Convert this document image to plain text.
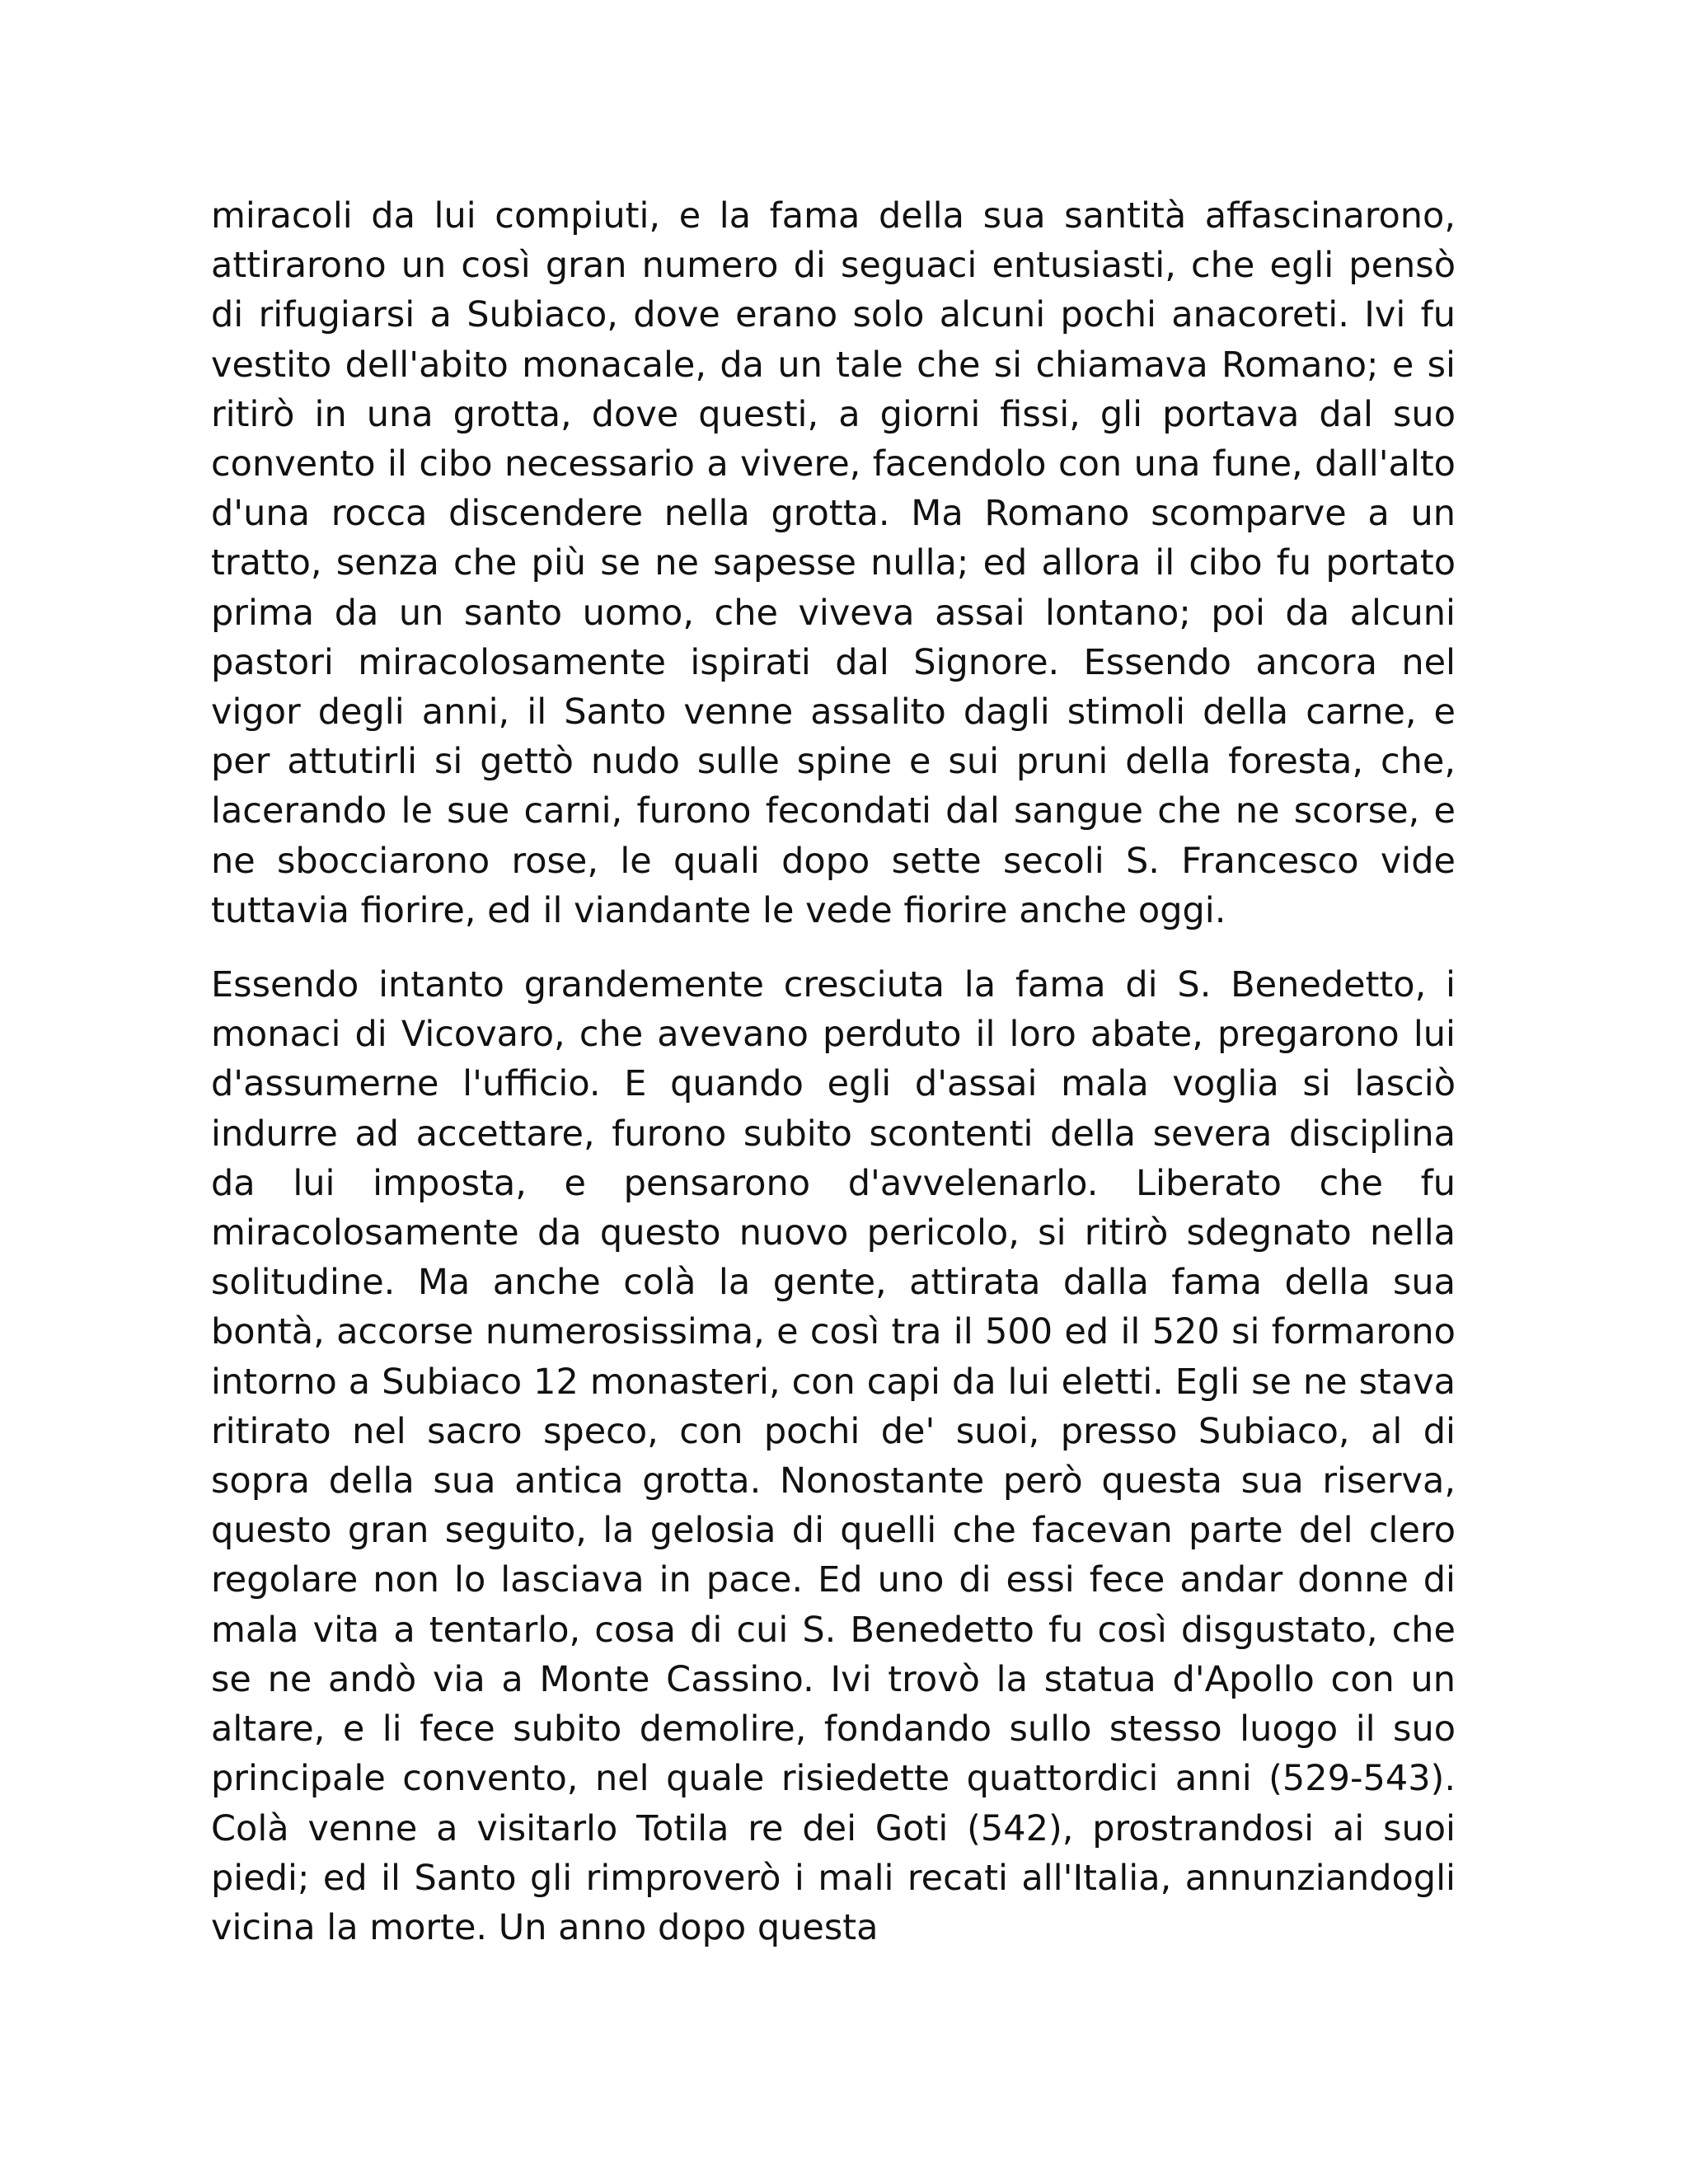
miracoli da lui compiuti, e la fama della sua santità affascinarono, attirarono un così gran numero di seguaci entusiasti, che egli pensò di rifugiarsi a Subiaco, dove erano solo alcuni pochi anacoreti. Ivi fu vestito dell'abito monacale, da un tale che si chiamava Romano; e si ritirò in una grotta, dove questi, a giorni fissi, gli portava dal suo convento il cibo necessario a vivere, facendolo con una fune, dall'alto d'una rocca discendere nella grotta. Ma Romano scomparve a un tratto, senza che più se ne sapesse nulla; ed allora il cibo fu portato prima da un santo uomo, che viveva assai lontano; poi da alcuni pastori miracolosamente ispirati dal Signore. Essendo ancora nel vigor degli anni, il Santo venne assalito dagli stimoli della carne, e per attutirli si gettò nudo sulle spine e sui pruni della foresta, che, lacerando le sue carni, furono fecondati dal sangue che ne scorse, e ne sbocciarono rose, le quali dopo sette secoli S. Francesco vide tuttavia fiorire, ed il viandante le vede fiorire anche oggi.

Essendo intanto grandemente cresciuta la fama di S. Benedetto, i monaci di Vicovaro, che avevano perduto il loro abate, pregarono lui d'assumerne l'ufficio. E quando egli d'assai mala voglia si lasciò indurre ad accettare, furono subito scontenti della severa disciplina da lui imposta, e pensarono d'avvelenarlo. Liberato che fu miracolosamente da questo nuovo pericolo, si ritirò sdegnato nella solitudine. Ma anche colà la gente, attirata dalla fama della sua bontà, accorse numerosissima, e così tra il 500 ed il 520 si formarono intorno a Subiaco 12 monasteri, con capi da lui eletti. Egli se ne stava ritirato nel sacro speco, con pochi de' suoi, presso Subiaco, al di sopra della sua antica grotta. Nonostante però questa sua riserva, questo gran seguito, la gelosia di quelli che facevan parte del clero regolare non lo lasciava in pace. Ed uno di essi fece andar donne di mala vita a tentarlo, cosa di cui S. Benedetto fu così disgustato, che se ne andò via a Monte Cassino. Ivi trovò la statua d'Apollo con un altare, e li fece subito demolire, fondando sullo stesso luogo il suo principale convento, nel quale risiedette quattordici anni (529-543). Colà venne a visitarlo Totila re dei Goti (542), prostrandosi ai suoi piedi; ed il Santo gli rimproverò i mali recati all'Italia, annunziandogli vicina la morte. Un anno dopo questa
